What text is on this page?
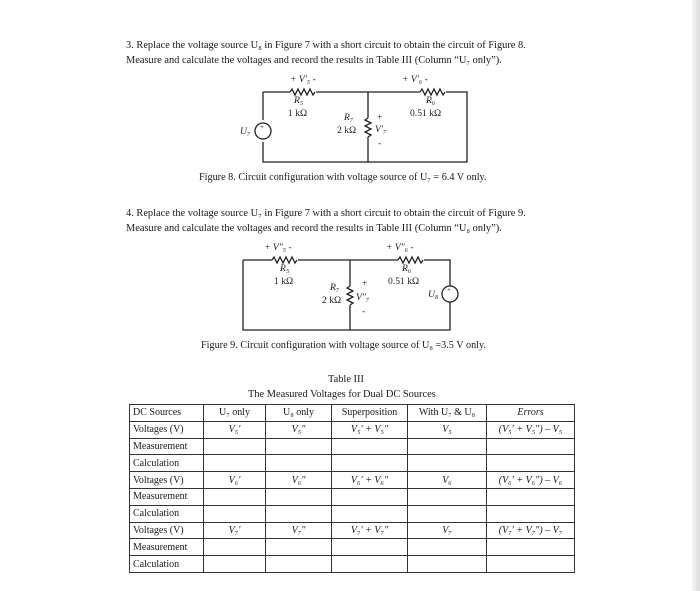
3. Replace the voltage source U₈ in Figure 7 with a short circuit to obtain the circuit of Figure 8.
Measure and calculate the voltages and record the results in Table III (Column “U₇ only”).
+ V′₅ -	+ V′₆ -
+
U₇
R₅
1 kΩ
R₆
0.51 kΩ
R₇
2 kΩ
+
V′₇
-
Figure 8. Circuit configuration with voltage source of U₇ = 6.4 V only.
4. Replace the voltage source U₇ in Figure 7 with a short circuit to obtain the circuit of Figure 9.
Measure and calculate the voltages and record the results in Table III (Column “U₈ only”).
+ V″₅ -	+ V″₆ -
+
U₈
R₅
1 kΩ
R₆
0.51 kΩ
R₇
2 kΩ
+
V″₇
-
Figure 9. Circuit configuration with voltage source of U₈ =3.5 V only.
Table III
The Measured Voltages for Dual DC Sources
DC Sources	U₇ only	U₈ only	Superposition	With U₇ & U₈	Errors
Voltages (V)	V₅′	V₅″	V₅′ + V₅″	V₅	(V₅′ + V₅″) – V₅
Measurement					
Calculation					
Voltages (V)	V₆′	V₆″	V₆′ + V₆″	V₆	(V₆′ + V₆″) – V₆
Measurement					
Calculation					
Voltages (V)	V₇′	V₇″	V₇′ + V₇″	V₇	(V₇′ + V₇″) – V₇
Measurement					
Calculation					
